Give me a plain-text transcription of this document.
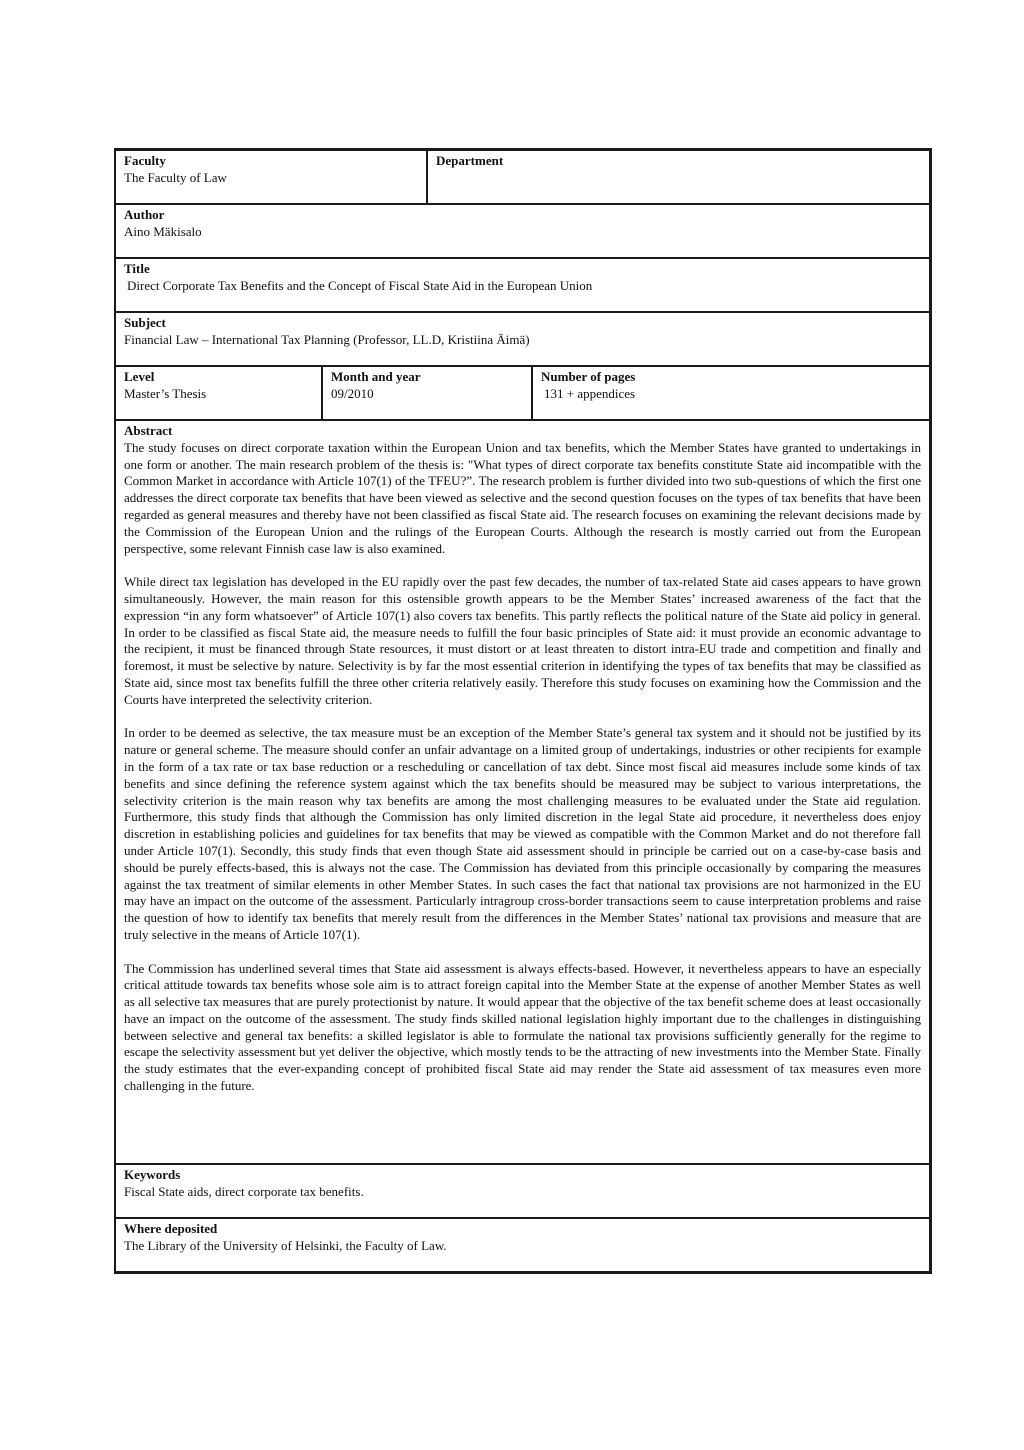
Faculty
The Faculty of Law
Department
Author
Aino Mäkisalo
Title
Direct Corporate Tax Benefits and the Concept of Fiscal State Aid in the European Union
Subject
Financial Law – International Tax Planning (Professor, LL.D, Kristiina Äimä)
Level
Master’s Thesis
Month and year
09/2010
Number of pages
131 + appendices
Abstract

The study focuses on direct corporate taxation within the European Union and tax benefits, which the Member States have granted to undertakings in one form or another. The main research problem of the thesis is: "What types of direct corporate tax benefits constitute State aid incompatible with the Common Market in accordance with Article 107(1) of the TFEU?”. The research problem is further divided into two sub-questions of which the first one addresses the direct corporate tax benefits that have been viewed as selective and the second question focuses on the types of tax benefits that have been regarded as general measures and thereby have not been classified as fiscal State aid. The research focuses on examining the relevant decisions made by the Commission of the European Union and the rulings of the European Courts. Although the research is mostly carried out from the European perspective, some relevant Finnish case law is also examined.

While direct tax legislation has developed in the EU rapidly over the past few decades, the number of tax-related State aid cases appears to have grown simultaneously. However, the main reason for this ostensible growth appears to be the Member States’ increased awareness of the fact that the expression “in any form whatsoever” of Article 107(1) also covers tax benefits. This partly reflects the political nature of the State aid policy in general. In order to be classified as fiscal State aid, the measure needs to fulfill the four basic principles of State aid: it must provide an economic advantage to the recipient, it must be financed through State resources, it must distort or at least threaten to distort intra-EU trade and competition and finally and foremost, it must be selective by nature. Selectivity is by far the most essential criterion in identifying the types of tax benefits that may be classified as State aid, since most tax benefits fulfill the three other criteria relatively easily. Therefore this study focuses on examining how the Commission and the Courts have interpreted the selectivity criterion.

In order to be deemed as selective, the tax measure must be an exception of the Member State’s general tax system and it should not be justified by its nature or general scheme. The measure should confer an unfair advantage on a limited group of undertakings, industries or other recipients for example in the form of a tax rate or tax base reduction or a rescheduling or cancellation of tax debt. Since most fiscal aid measures include some kinds of tax benefits and since defining the reference system against which the tax benefits should be measured may be subject to various interpretations, the selectivity criterion is the main reason why tax benefits are among the most challenging measures to be evaluated under the State aid regulation. Furthermore, this study finds that although the Commission has only limited discretion in the legal State aid procedure, it nevertheless does enjoy discretion in establishing policies and guidelines for tax benefits that may be viewed as compatible with the Common Market and do not therefore fall under Article 107(1). Secondly, this study finds that even though State aid assessment should in principle be carried out on a case-by-case basis and should be purely effects-based, this is always not the case. The Commission has deviated from this principle occasionally by comparing the measures against the tax treatment of similar elements in other Member States. In such cases the fact that national tax provisions are not harmonized in the EU may have an impact on the outcome of the assessment. Particularly intragroup cross-border transactions seem to cause interpretation problems and raise the question of how to identify tax benefits that merely result from the differences in the Member States’ national tax provisions and measure that are truly selective in the means of Article 107(1).

The Commission has underlined several times that State aid assessment is always effects-based. However, it nevertheless appears to have an especially critical attitude towards tax benefits whose sole aim is to attract foreign capital into the Member State at the expense of another Member States as well as all selective tax measures that are purely protectionist by nature. It would appear that the objective of the tax benefit scheme does at least occasionally have an impact on the outcome of the assessment. The study finds skilled national legislation highly important due to the challenges in distinguishing between selective and general tax benefits: a skilled legislator is able to formulate the national tax provisions sufficiently generally for the regime to escape the selectivity assessment but yet deliver the objective, which mostly tends to be the attracting of new investments into the Member State. Finally the study estimates that the ever-expanding concept of prohibited fiscal State aid may render the State aid assessment of tax measures even more challenging in the future.

Keywords
Fiscal State aids, direct corporate tax benefits.
Where deposited
The Library of the University of Helsinki, the Faculty of Law.
